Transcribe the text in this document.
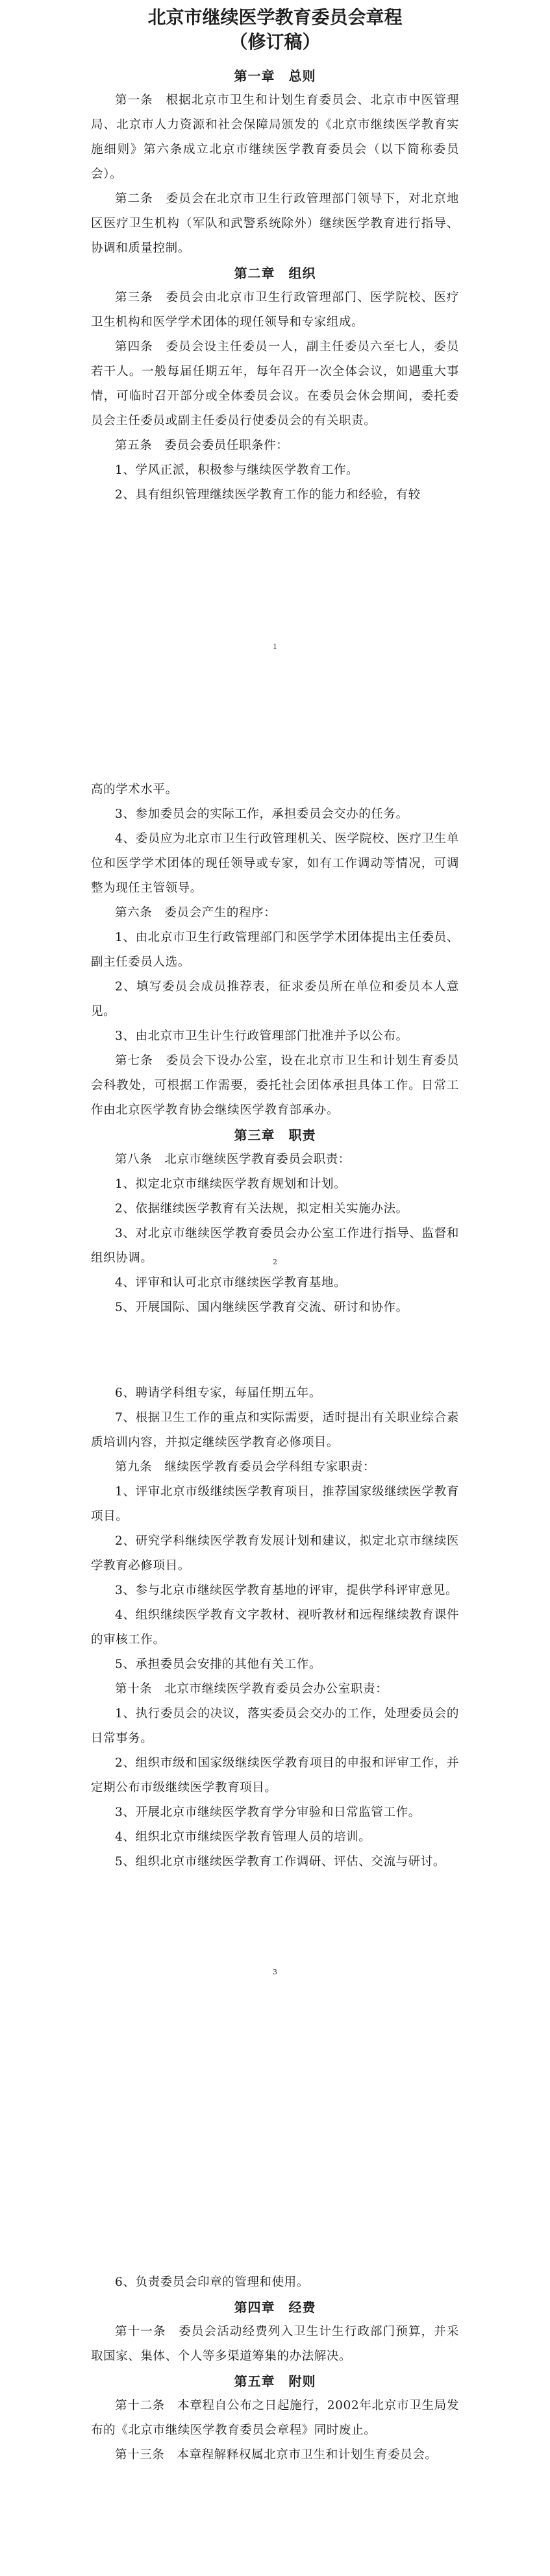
北京市继续医学教育委员会章程
（修订稿）
第一章　总则

第一条　根据北京市卫生和计划生育委员会、北京市中医管理局、北京市人力资源和社会保障局颁发的《北京市继续医学教育实施细则》第六条成立北京市继续医学教育委员会（以下简称委员会）。

第二条　委员会在北京市卫生行政管理部门领导下，对北京地区医疗卫生机构（军队和武警系统除外）继续医学教育进行指导、协调和质量控制。

第二章　组织

第三条　委员会由北京市卫生行政管理部门、医学院校、医疗卫生机构和医学学术团体的现任领导和专家组成。

第四条　委员会设主任委员一人，副主任委员六至七人，委员若干人。一般每届任期五年，每年召开一次全体会议，如遇重大事情，可临时召开部分或全体委员会议。在委员会休会期间，委托委员会主任委员或副主任委员行使委员会的有关职责。

第五条　委员会委员任职条件：

1、学风正派，积极参与继续医学教育工作。

2、具有组织管理继续医学教育工作的能力和经验，有较

1

高的学术水平。

3、参加委员会的实际工作，承担委员会交办的任务。

4、委员应为北京市卫生行政管理机关、医学院校、医疗卫生单位和医学学术团体的现任领导或专家，如有工作调动等情况，可调整为现任主管领导。

第六条　委员会产生的程序：

1、由北京市卫生行政管理部门和医学学术团体提出主任委员、副主任委员人选。

2、填写委员会成员推荐表，征求委员所在单位和委员本人意见。

3、由北京市卫生计生行政管理部门批准并予以公布。

第七条　委员会下设办公室，设在北京市卫生和计划生育委员会科教处，可根据工作需要，委托社会团体承担具体工作。日常工作由北京医学教育协会继续医学教育部承办。

第三章　职责

第八条　北京市继续医学教育委员会职责：

1、拟定北京市继续医学教育规划和计划。

2、依据继续医学教育有关法规，拟定相关实施办法。

3、对北京市继续医学教育委员会办公室工作进行指导、监督和组织协调。

4、评审和认可北京市继续医学教育基地。

5、开展国际、国内继续医学教育交流、研讨和协作。

2

6、聘请学科组专家，每届任期五年。

7、根据卫生工作的重点和实际需要，适时提出有关职业综合素质培训内容，并拟定继续医学教育必修项目。

第九条　继续医学教育委员会学科组专家职责：

1、评审北京市级继续医学教育项目，推荐国家级继续医学教育项目。

2、研究学科继续医学教育发展计划和建议，拟定北京市继续医学教育必修项目。

3、参与北京市继续医学教育基地的评审，提供学科评审意见。

4、组织继续医学教育文字教材、视听教材和远程继续教育课件的审核工作。

5、承担委员会安排的其他有关工作。

第十条　北京市继续医学教育委员会办公室职责：

1、执行委员会的决议，落实委员会交办的工作，处理委员会的日常事务。

2、组织市级和国家级继续医学教育项目的申报和评审工作，并定期公布市级继续医学教育项目。

3、开展北京市继续医学教育学分审验和日常监管工作。

4、组织北京市继续医学教育管理人员的培训。

5、组织北京市继续医学教育工作调研、评估、交流与研讨。

3

6、负责委员会印章的管理和使用。

第四章　经费

第十一条　委员会活动经费列入卫生计生行政部门预算，并采取国家、集体、个人等多渠道筹集的办法解决。

第五章　附则

第十二条　本章程自公布之日起施行，2002年北京市卫生局发布的《北京市继续医学教育委员会章程》同时废止。

第十三条　本章程解释权属北京市卫生和计划生育委员会。
